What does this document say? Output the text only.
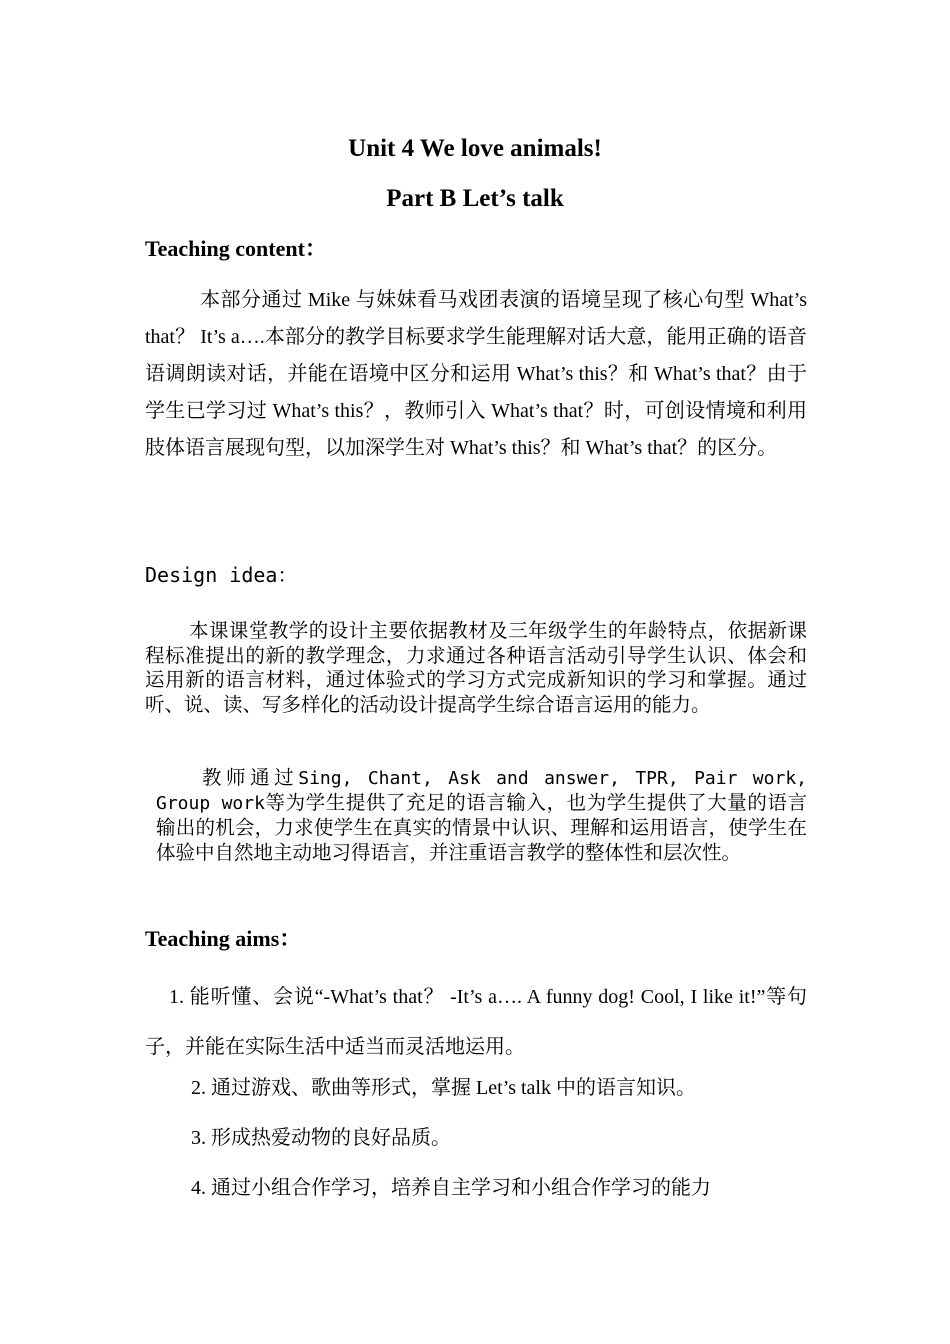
Unit 4 We love animals!
Part B Let’s talk
Teaching content：
本部分通过 Mike 与妹妹看马戏团表演的语境呈现了核心句型 What’s that？ It’s a….本部分的教学目标要求学生能理解对话大意，能用正确的语音语调朗读对话，并能在语境中区分和运用 What’s this？和 What’s that？由于学生已学习过 What’s this？，教师引入 What’s that？时，可创设情境和利用肢体语言展现句型，以加深学生对 What’s this？和 What’s that？的区分。
Design idea：
本课课堂教学的设计主要依据教材及三年级学生的年龄特点，依据新课程标准提出的新的教学理念，力求通过各种语言活动引导学生认识、体会和运用新的语言材料，通过体验式的学习方式完成新知识的学习和掌握。通过听、说、读、写多样化的活动设计提高学生综合语言运用的能力。
教师通过Sing, Chant, Ask and answer, TPR, Pair work, Group work等为学生提供了充足的语言输入，也为学生提供了大量的语言输出的机会，力求使学生在真实的情景中认识、理解和运用语言，使学生在体验中自然地主动地习得语言，并注重语言教学的整体性和层次性。
Teaching aims：
1. 能听懂、会说“-What’s that？ -It’s a…. A funny dog! Cool, I like it!”等句子，并能在实际生活中适当而灵活地运用。
2. 通过游戏、歌曲等形式，掌握 Let’s talk 中的语言知识。
3. 形成热爱动物的良好品质。
4. 通过小组合作学习，培养自主学习和小组合作学习的能力
